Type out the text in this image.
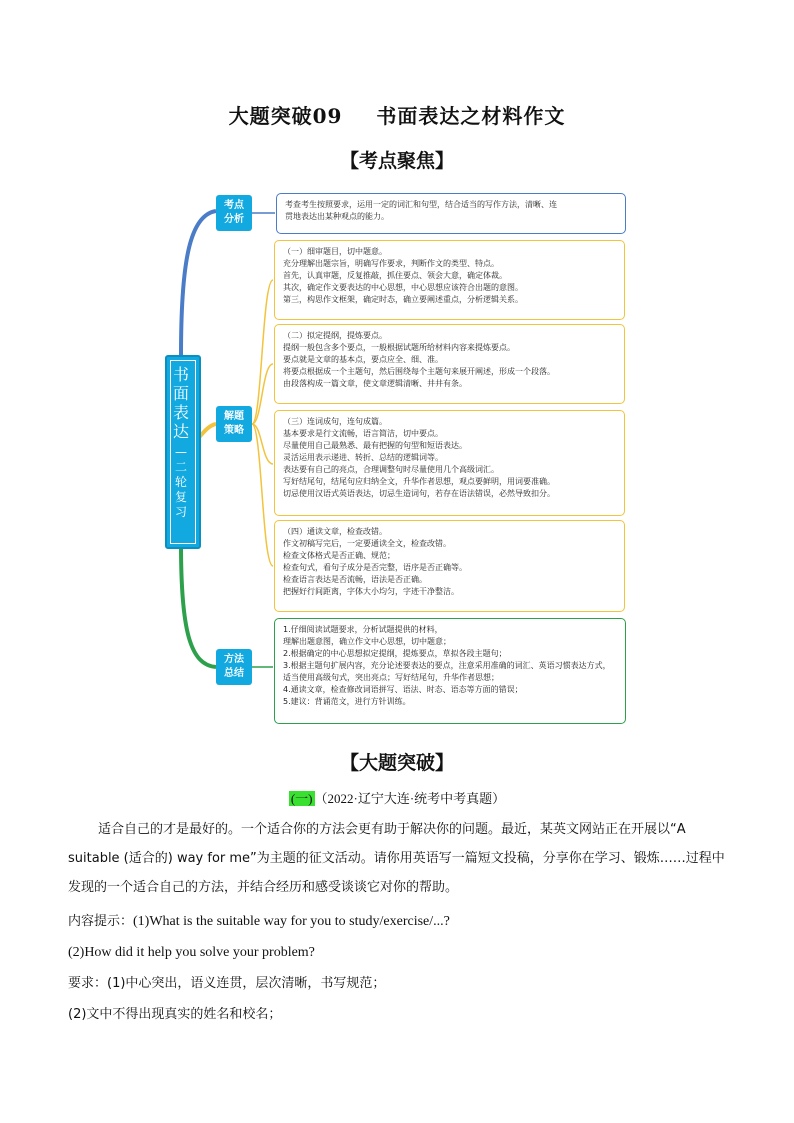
大题突破09 书面表达之材料作文
【考点聚焦】
书
面
表
达
—
二
轮
复
习
考点分析
解题策略
方法总结

考查考生按照要求，运用一定的词汇和句型，结合适当的写作方法，清晰、连

贯地表达出某种观点的能力。

（一）细审题目，切中题意。

充分理解出题宗旨，明确写作要求，判断作文的类型、特点。

首先，认真审题，反复推敲，抓住要点、领会大意，确定体裁。

其次，确定作文要表达的中心思想，中心思想应该符合出题的意图。

第三，构思作文框架，确定时态，确立要阐述重点，分析逻辑关系。

（二）拟定提纲，提炼要点。

提纲一般包含多个要点，一般根据试题所给材料内容来提炼要点。

要点就是文章的基本点，要点应全、细、准。

将要点根据成一个主题句，然后围绕每个主题句来展开阐述，形成一个段落。

由段落构成一篇文章，使文章逻辑清晰、井井有条。

（三）连词成句，连句成篇。

基本要求是行文流畅，语言简洁，切中要点。

尽量使用自己最熟悉、最有把握的句型和短语表达。

灵活运用表示递进、转折、总结的逻辑词等。

表达要有自己的亮点，合理调整句时尽量使用几个高级词汇。

写好结尾句，结尾句应归纳全文，升华作者思想，观点要鲜明，用词要准确。

切忌使用汉语式英语表达，切忌生造词句，若存在语法错误，必然导致扣分。

（四）通读文章，检查改错。

作文初稿写完后，一定要通读全文，检查改错。

检查文体格式是否正确、规范；

检查句式，看句子成分是否完整，语序是否正确等。

检查语言表达是否流畅，语法是否正确。

把握好行间距离，字体大小均匀，字迹干净整洁。

1.仔细阅读试题要求，分析试题提供的材料，

理解出题意图，确立作文中心思想，切中题意；

2.根据确定的中心思想拟定提纲，提炼要点，草拟各段主题句；

3.根据主题句扩展内容，充分论述要表达的要点，注意采用准确的词汇、英语习惯表达方式，适当使用高级句式，突出亮点；写好结尾句，升华作者思想；

4.通读文章，检查修改词语拼写、语法、时态、语态等方面的错误；

5.建议：背诵范文，进行方针训练。

【大题突破】
(一) （2022·辽宁大连·统考中考真题）
适合自己的才是最好的。一个适合你的方法会更有助于解决你的问题。最近，某英文网站正在开展以“A suitable (适合的) way for me”为主题的征文活动。请你用英语写一篇短文投稿，分享你在学习、锻炼……过程中发现的一个适合自己的方法，并结合经历和感受谈谈它对你的帮助。
内容提示：(1)What is the suitable way for you to study/exercise/...?
(2)How did it help you solve your problem?
要求：(1)中心突出，语义连贯，层次清晰，书写规范；
(2)文中不得出现真实的姓名和校名；
